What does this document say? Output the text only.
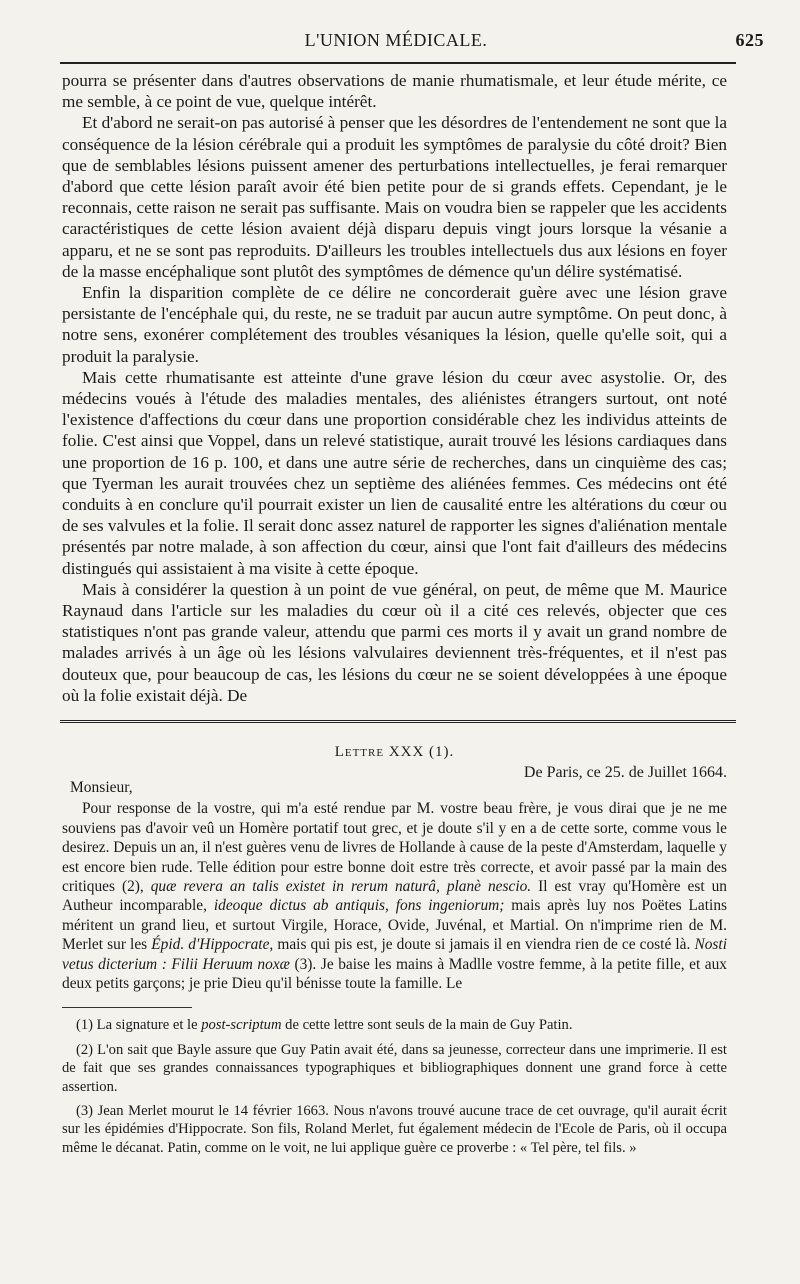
L'UNION MÉDICALE.	625

pourra se présenter dans d'autres observations de manie rhumatismale, et leur étude mérite, ce me semble, à ce point de vue, quelque intérêt.

Et d'abord ne serait-on pas autorisé à penser que les désordres de l'entendement ne sont que la conséquence de la lésion cérébrale qui a produit les symptômes de paralysie du côté droit? Bien que de semblables lésions puissent amener des perturbations intellectuelles, je ferai remarquer d'abord que cette lésion paraît avoir été bien petite pour de si grands effets. Cependant, je le reconnais, cette raison ne serait pas suffisante. Mais on voudra bien se rappeler que les accidents caractéristiques de cette lésion avaient déjà disparu depuis vingt jours lorsque la vésanie a apparu, et ne se sont pas reproduits. D'ailleurs les troubles intellectuels dus aux lésions en foyer de la masse encéphalique sont plutôt des symptômes de démence qu'un délire systématisé.

Enfin la disparition complète de ce délire ne concorderait guère avec une lésion grave persistante de l'encéphale qui, du reste, ne se traduit par aucun autre symptôme. On peut donc, à notre sens, exonérer complétement des troubles vésaniques la lésion, quelle qu'elle soit, qui a produit la paralysie.

Mais cette rhumatisante est atteinte d'une grave lésion du cœur avec asystolie. Or, des médecins voués à l'étude des maladies mentales, des aliénistes étrangers surtout, ont noté l'existence d'affections du cœur dans une proportion considérable chez les individus atteints de folie. C'est ainsi que Voppel, dans un relevé statistique, aurait trouvé les lésions cardiaques dans une proportion de 16 p. 100, et dans une autre série de recherches, dans un cinquième des cas; que Tyerman les aurait trouvées chez un septième des aliénées femmes. Ces médecins ont été conduits à en conclure qu'il pourrait exister un lien de causalité entre les altérations du cœur ou de ses valvules et la folie. Il serait donc assez naturel de rapporter les signes d'aliénation mentale présentés par notre malade, à son affection du cœur, ainsi que l'ont fait d'ailleurs des médecins distingués qui assistaient à ma visite à cette époque.

Mais à considérer la question à un point de vue général, on peut, de même que M. Maurice Raynaud dans l'article sur les maladies du cœur où il a cité ces relevés, objecter que ces statistiques n'ont pas grande valeur, attendu que parmi ces morts il y avait un grand nombre de malades arrivés à un âge où les lésions valvulaires deviennent très-fréquentes, et il n'est pas douteux que, pour beaucoup de cas, les lésions du cœur ne se soient développées à une époque où la folie existait déjà. De

Lettre XXX (1).
De Paris, ce 25. de Juillet 1664.
Monsieur,

Pour response de la vostre, qui m'a esté rendue par M. vostre beau frère, je vous dirai que je ne me souviens pas d'avoir veû un Homère portatif tout grec, et je doute s'il y en a de cette sorte, comme vous le desirez. Depuis un an, il n'est guères venu de livres de Hollande à cause de la peste d'Amsterdam, laquelle y est encore bien rude. Telle édition pour estre bonne doit estre très correcte, et avoir passé par la main des critiques (2), quæ revera an talis existet in rerum naturâ, planè nescio. Il est vray qu'Homère est un Autheur incomparable, ideoque dictus ab antiquis, fons ingeniorum; mais après luy nos Poëtes Latins méritent un grand lieu, et surtout Virgile, Horace, Ovide, Juvénal, et Martial. On n'imprime rien de M. Merlet sur les Épid. d'Hippocrate, mais qui pis est, je doute si jamais il en viendra rien de ce costé là. Nosti vetus dicterium : Filii Heruum noxæ (3). Je baise les mains à Madlle vostre femme, à la petite fille, et aux deux petits garçons; je prie Dieu qu'il bénisse toute la famille. Le

(1) La signature et le post-scriptum de cette lettre sont seuls de la main de Guy Patin.

(2) L'on sait que Bayle assure que Guy Patin avait été, dans sa jeunesse, correcteur dans une imprimerie. Il est de fait que ses grandes connaissances typographiques et bibliographiques donnent une grand force à cette assertion.

(3) Jean Merlet mourut le 14 février 1663. Nous n'avons trouvé aucune trace de cet ouvrage, qu'il aurait écrit sur les épidémies d'Hippocrate. Son fils, Roland Merlet, fut également médecin de l'Ecole de Paris, où il occupa même le décanat. Patin, comme on le voit, ne lui applique guère ce proverbe : « Tel père, tel fils. »
